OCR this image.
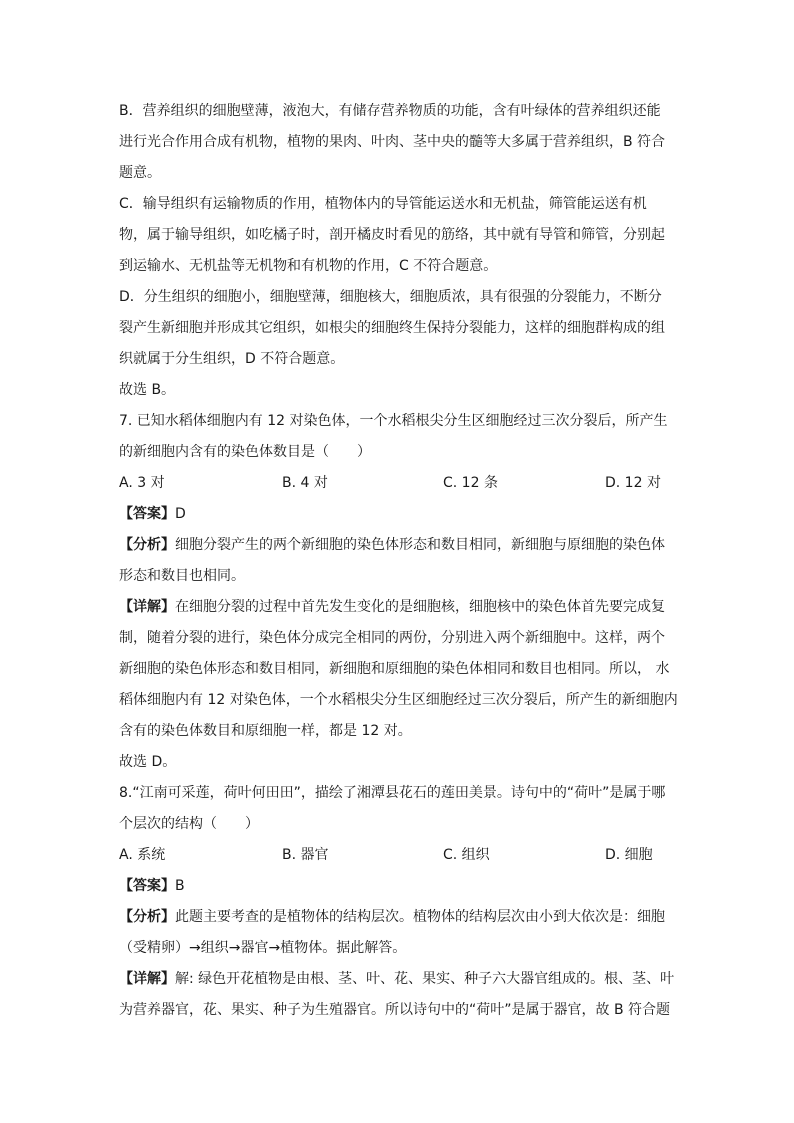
B．营养组织的细胞壁薄，液泡大，有储存营养物质的功能，含有叶绿体的营养组织还能
进行光合作用合成有机物，植物的果肉、叶肉、茎中央的髓等大多属于营养组织，B 符合
题意。
C．输导组织有运输物质的作用，植物体内的导管能运送水和无机盐，筛管能运送有机
物，属于输导组织，如吃橘子时，剖开橘皮时看见的筋络，其中就有导管和筛管，分别起
到运输水、无机盐等无机物和有机物的作用，C 不符合题意。
D．分生组织的细胞小，细胞壁薄，细胞核大，细胞质浓，具有很强的分裂能力，不断分
裂产生新细胞并形成其它组织，如根尖的细胞终生保持分裂能力，这样的细胞群构成的组
织就属于分生组织，D 不符合题意。
故选 B。
7. 已知水稻体细胞内有 12 对染色体，一个水稻根尖分生区细胞经过三次分裂后，所产生
的新细胞内含有的染色体数目是（　　）
A. 3 对	B. 4 对	C. 12 条	D. 12 对
【答案】D
【分析】细胞分裂产生的两个新细胞的染色体形态和数目相同，新细胞与原细胞的染色体
形态和数目也相同。
【详解】在细胞分裂的过程中首先发生变化的是细胞核，细胞核中的染色体首先要完成复
制，随着分裂的进行，染色体分成完全相同的两份，分别进入两个新细胞中。这样，两个
新细胞的染色体形态和数目相同，新细胞和原细胞的染色体相同和数目也相同。所以， 水
稻体细胞内有 12 对染色体，一个水稻根尖分生区细胞经过三次分裂后，所产生的新细胞内
含有的染色体数目和原细胞一样，都是 12 对。
故选 D。
8.“江南可采莲，荷叶何田田”，描绘了湘潭县花石的莲田美景。诗句中的“荷叶”是属于哪
个层次的结构（　　）
A. 系统	B. 器官	C. 组织	D. 细胞
【答案】B
【分析】此题主要考查的是植物体的结构层次。植物体的结构层次由小到大依次是：细胞
（受精卵）→组织→器官→植物体。据此解答。
【详解】解: 绿色开花植物是由根、茎、叶、花、果实、种子六大器官组成的。根、茎、叶
为营养器官，花、果实、种子为生殖器官。所以诗句中的“荷叶”是属于器官，故 B 符合题
